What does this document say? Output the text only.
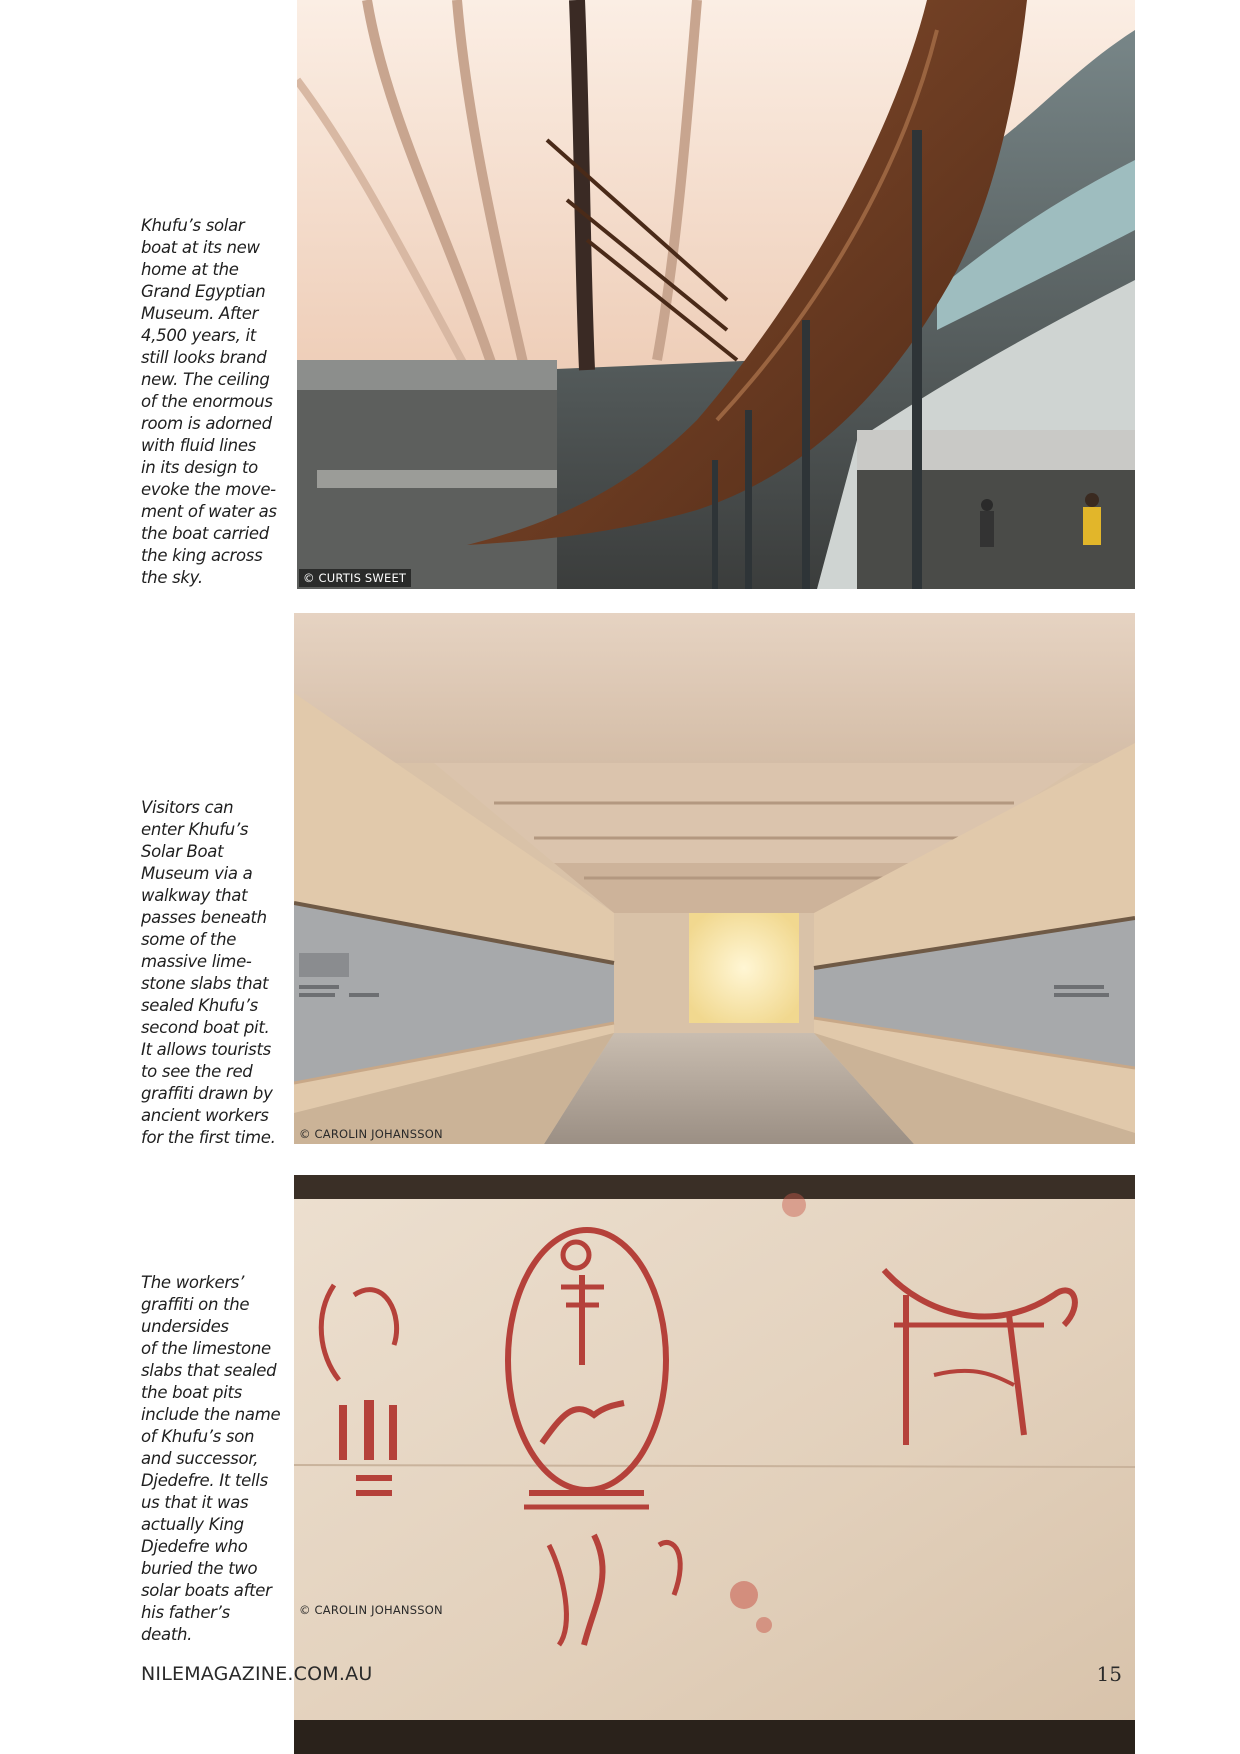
Khufu’s solar
boat at its new
home at the
Grand Egyptian
Museum. After
4,500 years, it
still looks brand
new. The ceiling
of the enormous
room is adorned
with fluid lines
in its design to
evoke the move-
ment of water as
the boat carried
the king across
the sky.	© CURTIS SWEET
Visitors can
enter Khufu’s
Solar Boat
Museum via a
walkway that
passes beneath
some of the
massive lime-
stone slabs that
sealed Khufu’s
second boat pit.
It allows tourists
to see the red
graffiti drawn by
ancient workers
for the first time.	© CAROLIN JOHANSSON
The workers’
graffiti on the
undersides
of the limestone
slabs that sealed
the boat pits
include the name
of Khufu’s son
and successor,
Djedefre. It tells
us that it was
actually King
Djedefre who
buried the two
solar boats after
his father’s death.
© CAROLIN JOHANSSON
NILEMAGAZINE.COM.AU	15
